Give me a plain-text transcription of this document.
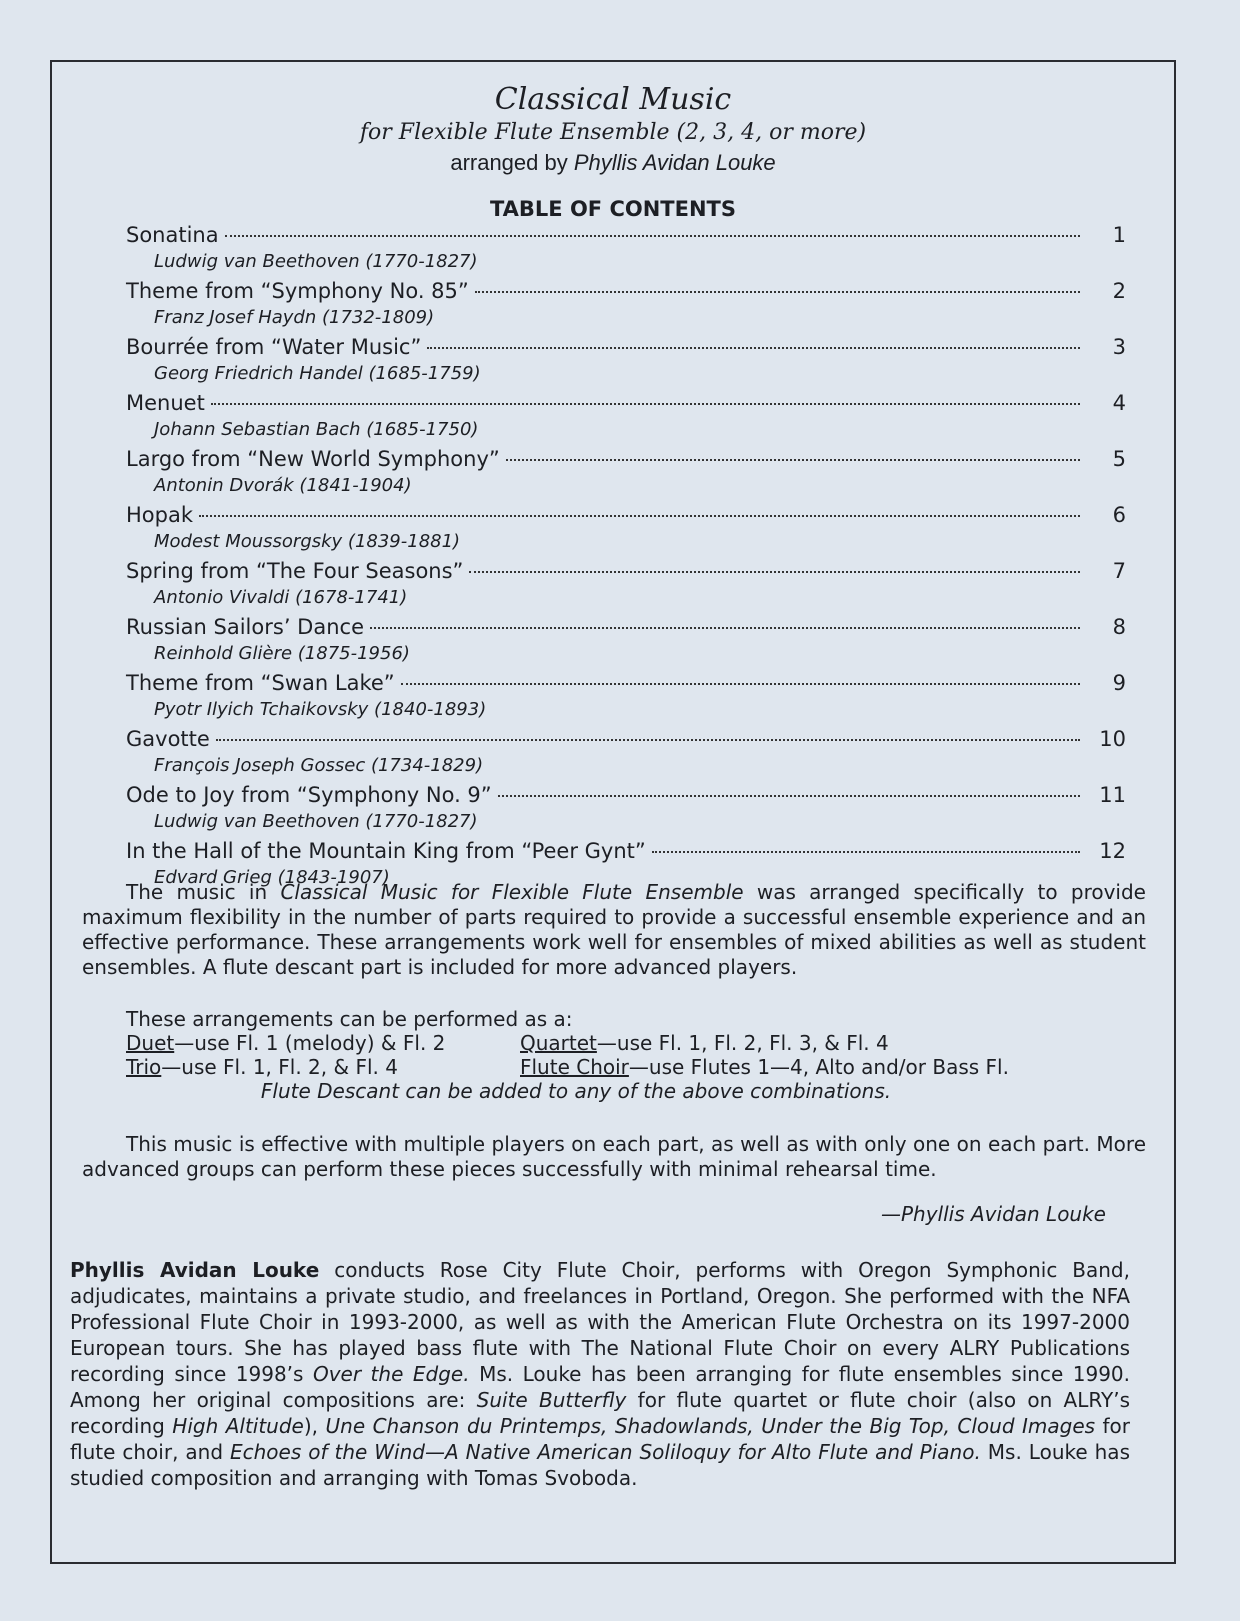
Classical Music
for Flexible Flute Ensemble (2, 3, 4, or more)
arranged by Phyllis Avidan Louke
TABLE OF CONTENTS
Sonatina	1
Ludwig van Beethoven (1770-1827)
Theme from “Symphony No. 85”	2
Franz Josef Haydn (1732-1809)
Bourrée from “Water Music”	3
Georg Friedrich Handel (1685-1759)
Menuet	4
Johann Sebastian Bach (1685-1750)
Largo from “New World Symphony”	5
Antonin Dvorák (1841-1904)
Hopak	6
Modest Moussorgsky (1839-1881)
Spring from “The Four Seasons”	7
Antonio Vivaldi (1678-1741)
Russian Sailors’ Dance	8
Reinhold Glière (1875-1956)
Theme from “Swan Lake”	9
Pyotr Ilyich Tchaikovsky (1840-1893)
Gavotte	10
François Joseph Gossec (1734-1829)
Ode to Joy from “Symphony No. 9”	11
Ludwig van Beethoven (1770-1827)
In the Hall of the Mountain King from “Peer Gynt”	12
Edvard Grieg (1843-1907)
The music in Classical Music for Flexible Flute Ensemble was arranged specifically to provide maximum flexibility in the number of parts required to provide a successful ensemble experience and an effective performance. These arrangements work well for ensembles of mixed abilities as well as student ensembles. A flute descant part is included for more advanced players.
These arrangements can be performed as a:
Duet—use Fl. 1 (melody) & Fl. 2	Quartet—use Fl. 1, Fl. 2, Fl. 3, & Fl. 4
Trio—use Fl. 1, Fl. 2, & Fl. 4	Flute Choir—use Flutes 1—4, Alto and/or Bass Fl.
Flute Descant can be added to any of the above combinations.
This music is effective with multiple players on each part, as well as with only one on each part. More advanced groups can perform these pieces successfully with minimal rehearsal time.
—Phyllis Avidan Louke
Phyllis Avidan Louke conducts Rose City Flute Choir, performs with Oregon Symphonic Band, adjudicates, maintains a private studio, and freelances in Portland, Oregon. She performed with the NFA Professional Flute Choir in 1993-2000, as well as with the American Flute Orchestra on its 1997-2000 European tours. She has played bass flute with The National Flute Choir on every ALRY Publications recording since 1998’s Over the Edge. Ms. Louke has been arranging for flute ensembles since 1990. Among her original compositions are: Suite Butterfly for flute quartet or flute choir (also on ALRY’s recording High Altitude), Une Chanson du Printemps, Shadowlands, Under the Big Top, Cloud Images for flute choir, and Echoes of the Wind—A Native American Soliloquy for Alto Flute and Piano. Ms. Louke has studied composition and arranging with Tomas Svoboda.
